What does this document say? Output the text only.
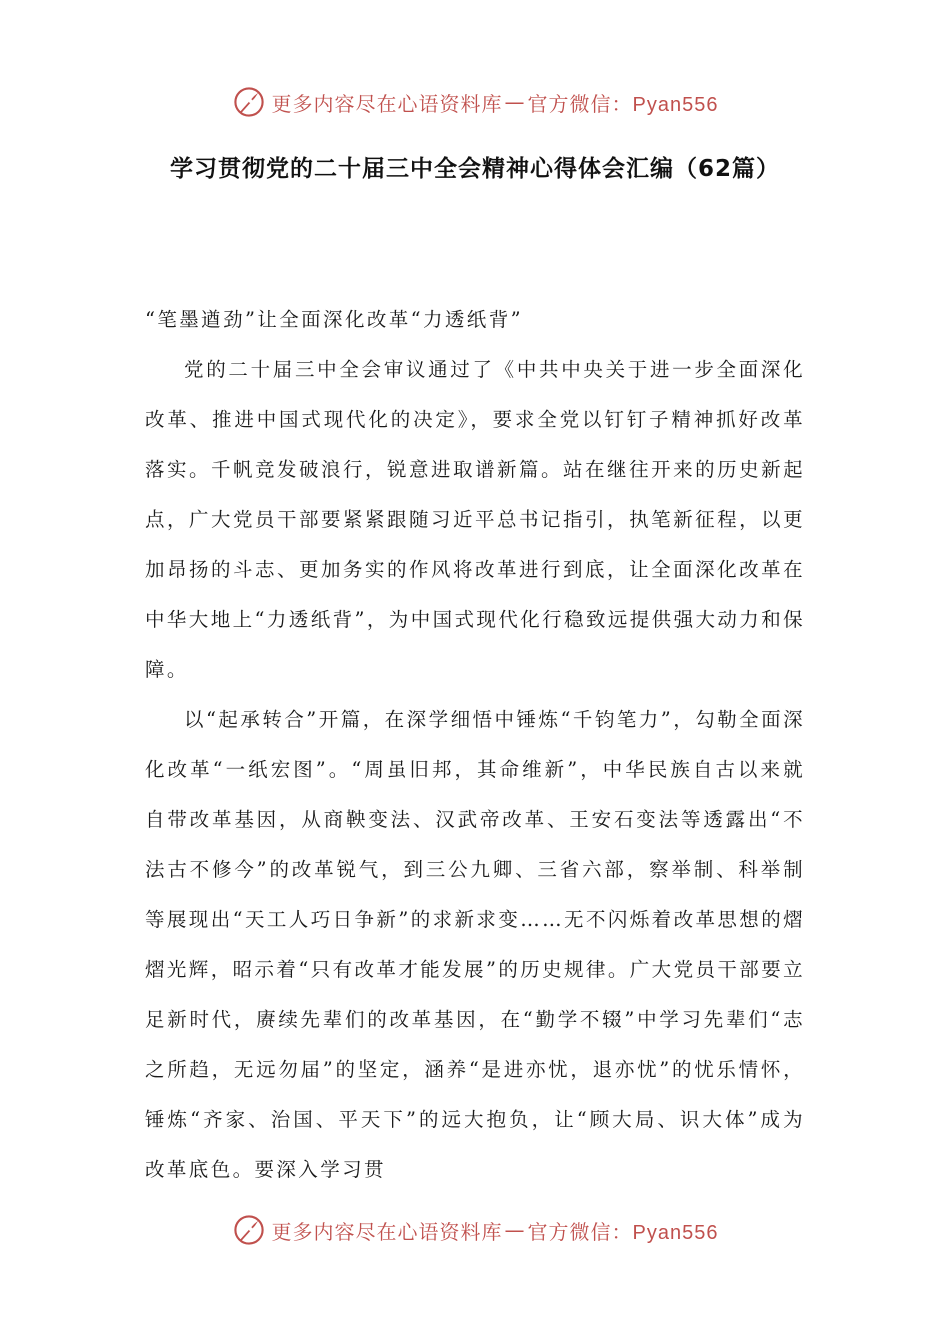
更多内容尽在心语资料库 — 官方微信：Pyan556
学习贯彻党的二十届三中全会精神心得体会汇编（62篇）

“笔墨遒劲”让全面深化改革“力透纸背”

党的二十届三中全会审议通过了《中共中央关于进一步全面深化改革、推进中国式现代化的决定》，要求全党以钉钉子精神抓好改革落实。千帆竞发破浪行，锐意进取谱新篇。站在继往开来的历史新起点，广大党员干部要紧紧跟随习近平总书记指引，执笔新征程，以更加昂扬的斗志、更加务实的作风将改革进行到底，让全面深化改革在中华大地上“力透纸背”，为中国式现代化行稳致远提供强大动力和保障。

以“起承转合”开篇，在深学细悟中锤炼“千钧笔力”，勾勒全面深化改革“一纸宏图”。“周虽旧邦，其命维新”，中华民族自古以来就自带改革基因，从商鞅变法、汉武帝改革、王安石变法等透露出“不法古不修今”的改革锐气，到三公九卿、三省六部，察举制、科举制等展现出“天工人巧日争新”的求新求变……无不闪烁着改革思想的熠熠光辉，昭示着“只有改革才能发展”的历史规律。广大党员干部要立足新时代，赓续先辈们的改革基因，在“勤学不辍”中学习先辈们“志之所趋，无远勿届”的坚定，涵养“是进亦忧，退亦忧”的忧乐情怀，锤炼“齐家、治国、平天下”的远大抱负，让“顾大局、识大体”成为改革底色。要深入学习贯

更多内容尽在心语资料库 — 官方微信：Pyan556
